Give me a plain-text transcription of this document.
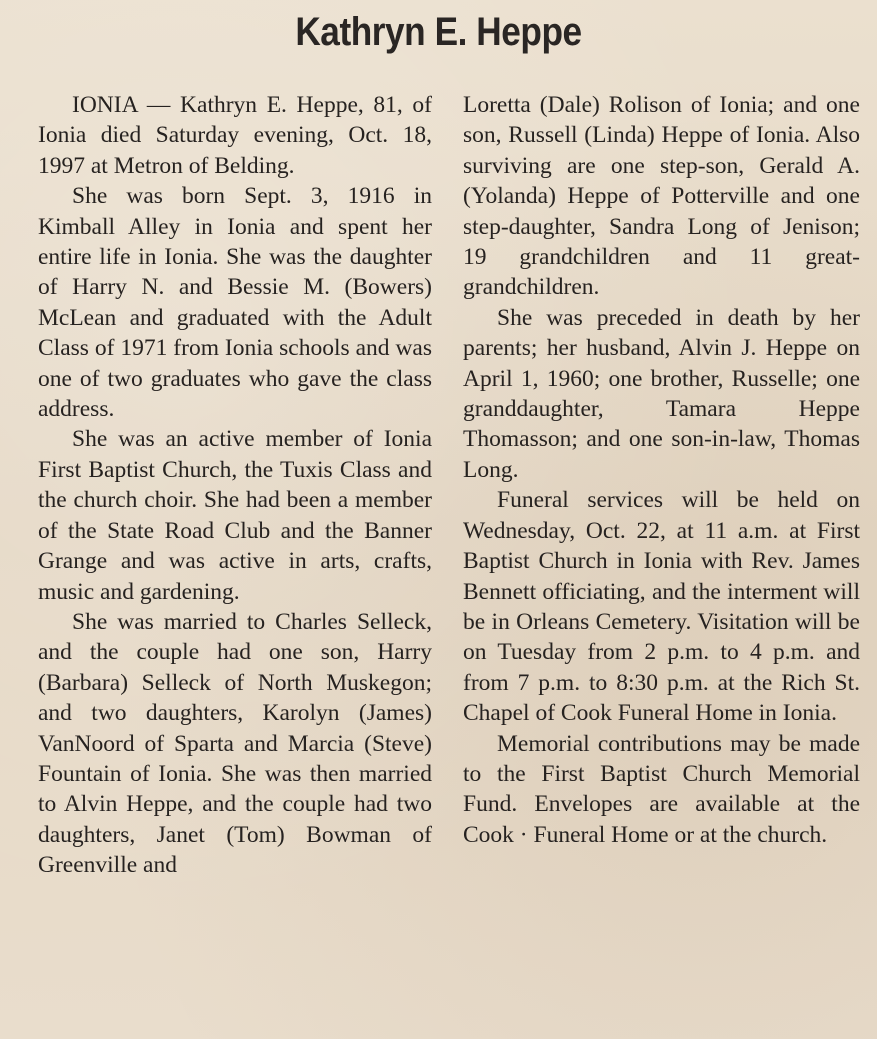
Kathryn E. Heppe

IONIA — Kathryn E. Heppe, 81, of Ionia died Saturday evening, Oct. 18, 1997 at Metron of Belding.

She was born Sept. 3, 1916 in Kimball Alley in Ionia and spent her entire life in Ionia. She was the daughter of Harry N. and Bessie M. (Bowers) McLean and graduated with the Adult Class of 1971 from Ionia schools and was one of two graduates who gave the class address.

She was an active member of Ionia First Baptist Church, the Tuxis Class and the church choir. She had been a member of the State Road Club and the Banner Grange and was active in arts, crafts, music and gardening.

She was married to Charles Selleck, and the couple had one son, Harry (Barbara) Selleck of North Muskegon; and two daughters, Karolyn (James) VanNoord of Sparta and Marcia (Steve) Fountain of Ionia. She was then married to Alvin Heppe, and the couple had two daughters, Janet (Tom) Bowman of Greenville and

Loretta (Dale) Rolison of Ionia; and one son, Russell (Linda) Heppe of Ionia. Also surviving are one step-son, Gerald A. (Yolanda) Heppe of Potterville and one step-daughter, Sandra Long of Jenison; 19 grandchildren and 11 great-grandchildren.

She was preceded in death by her parents; her husband, Alvin J. Heppe on April 1, 1960; one brother, Russelle; one granddaughter, Tamara Heppe Thomasson; and one son-in-law, Thomas Long.

Funeral services will be held on Wednesday, Oct. 22, at 11 a.m. at First Baptist Church in Ionia with Rev. James Bennett officiating, and the interment will be in Orleans Cemetery. Visitation will be on Tuesday from 2 p.m. to 4 p.m. and from 7 p.m. to 8:30 p.m. at the Rich St. Chapel of Cook Funeral Home in Ionia.

Memorial contributions may be made to the First Baptist Church Memorial Fund. Envelopes are available at the Cook · Funeral Home or at the church.
